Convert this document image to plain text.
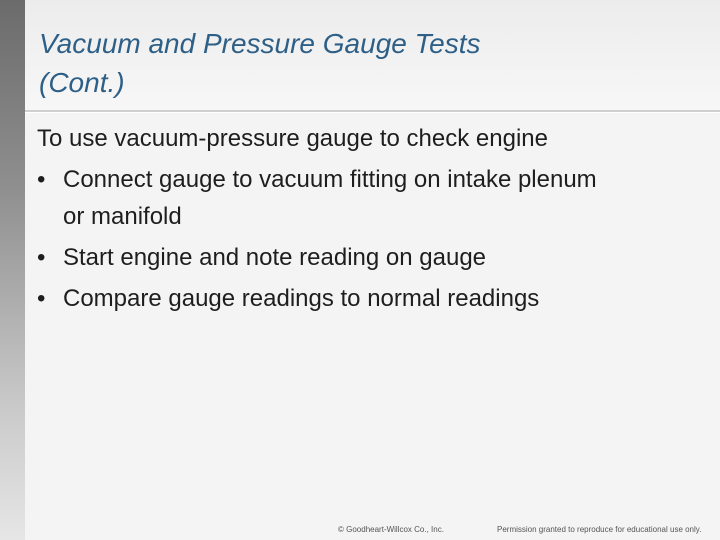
Vacuum and Pressure Gauge Tests
(Cont.)

To use vacuum-pressure gauge to check engine

• Connect gauge to vacuum fitting on intake plenum
or manifold
• Start engine and note reading on gauge
• Compare gauge readings to normal readings
© Goodheart-Willcox Co., Inc.	Permission granted to reproduce for educational use only.
